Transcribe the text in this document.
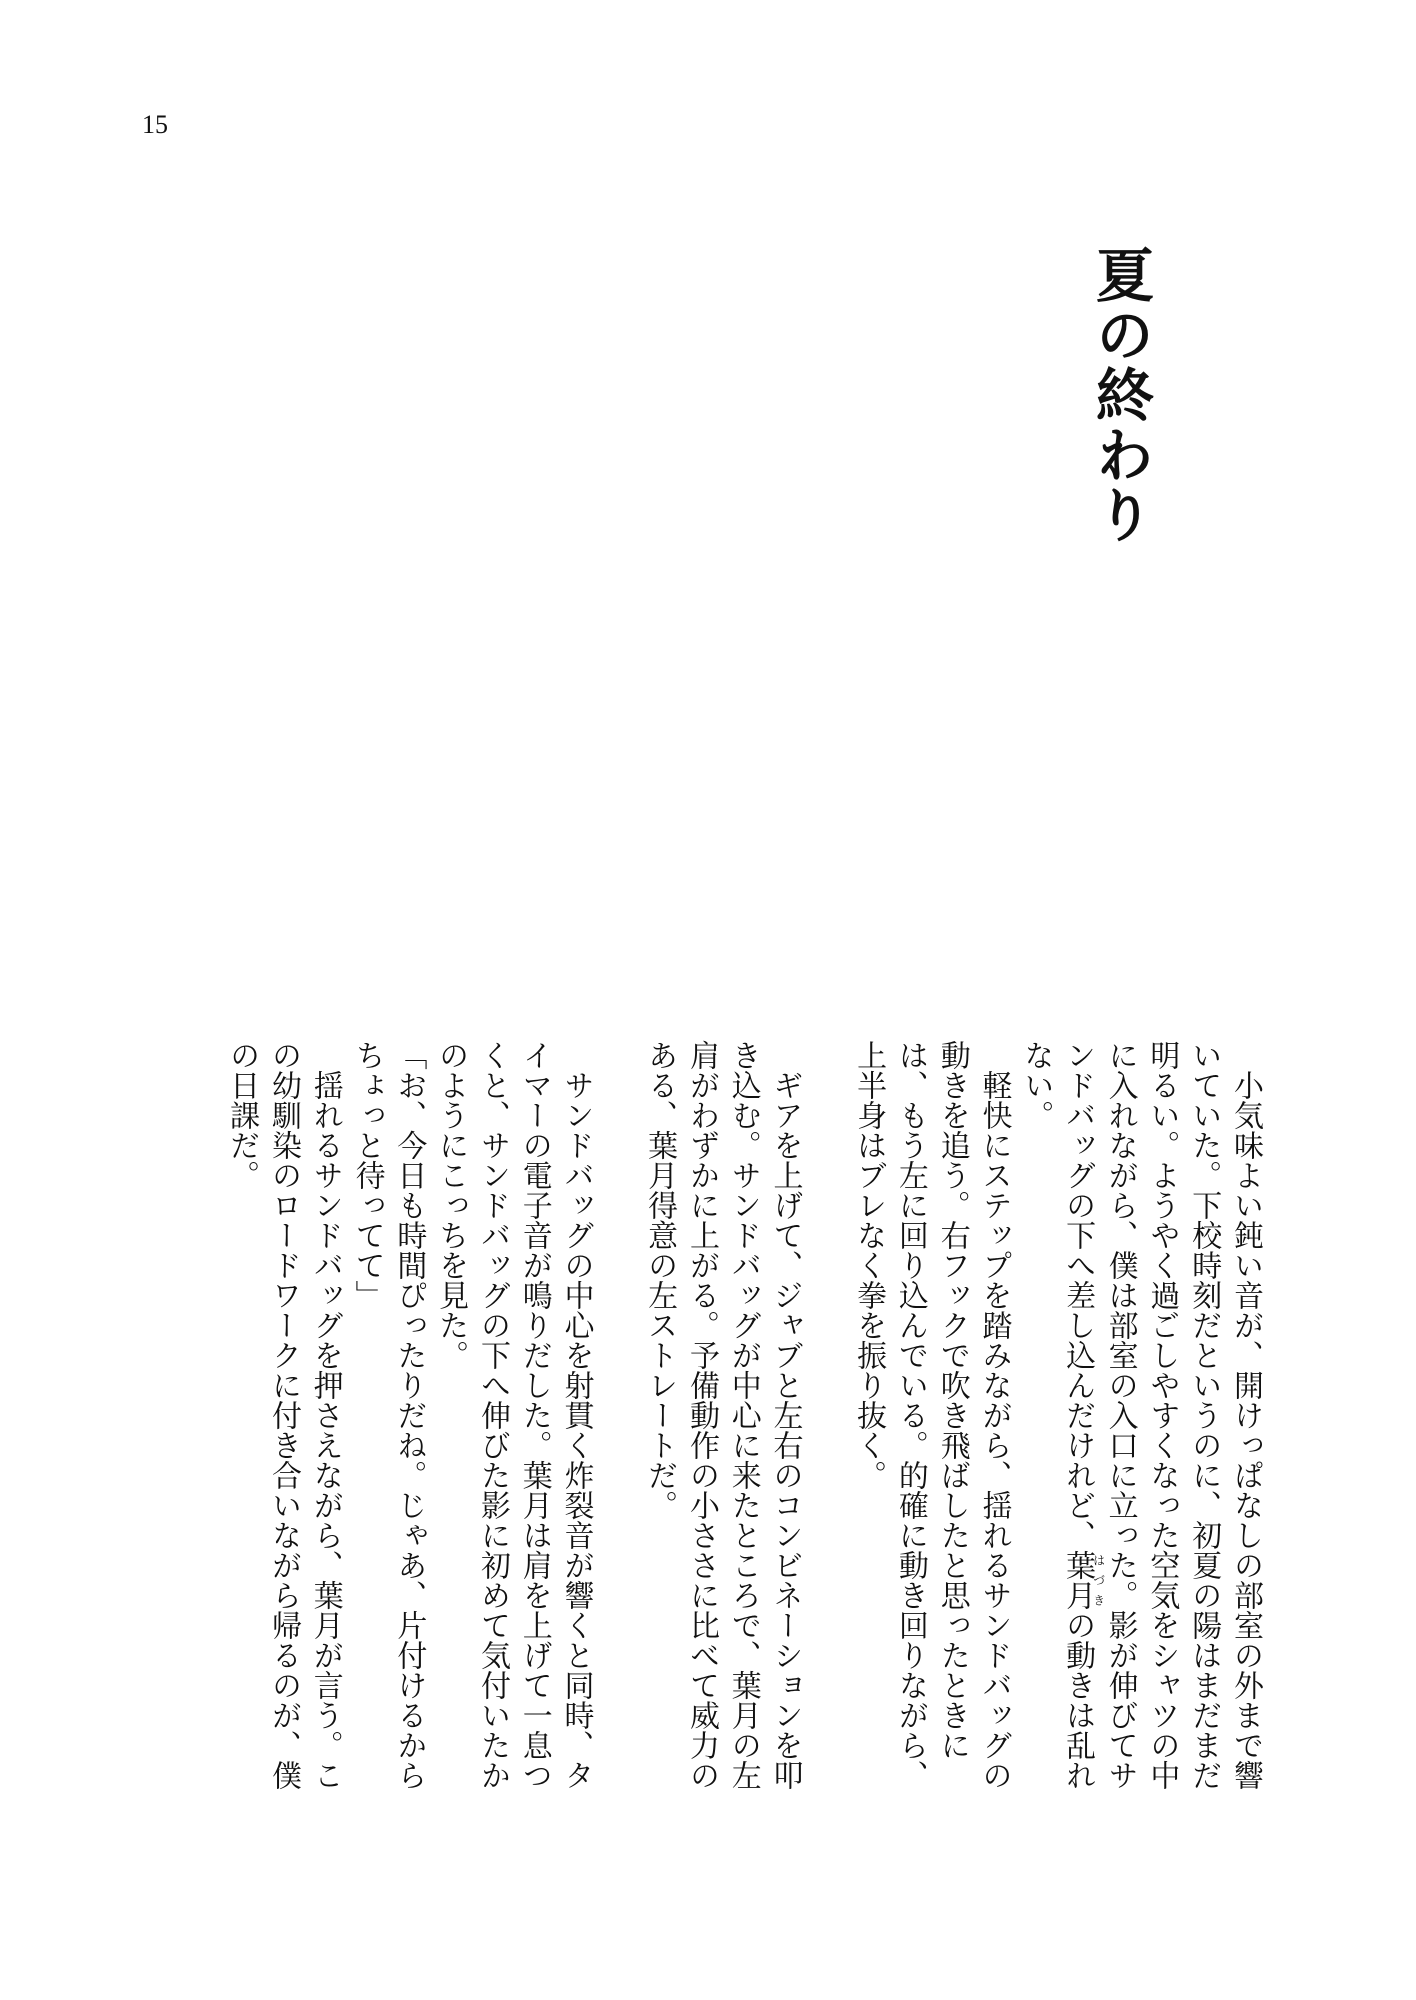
15
夏の終わり

小気味よい鈍い音が、開けっぱなしの部室の外まで響いていた。下校時刻だというのに、初夏の陽はまだまだ明るい。ようやく過ごしやすくなった空気をシャツの中に入れながら、僕は部室の入口に立った。影が伸びてサンドバッグの下へ差し込んだけれど、葉月はづきの動きは乱れない。

軽快にステップを踏みながら、揺れるサンドバッグの動きを追う。右フックで吹き飛ばしたと思ったときには、もう左に回り込んでいる。的確に動き回りながら、上半身はブレなく拳を振り抜く。

ギアを上げて、ジャブと左右のコンビネーションを叩き込む。サンドバッグが中心に来たところで、葉月の左肩がわずかに上がる。予備動作の小ささに比べて威力のある、葉月得意の左ストレートだ。

サンドバッグの中心を射貫く炸裂音が響くと同時、タイマーの電子音が鳴りだした。葉月は肩を上げて一息つくと、サンドバッグの下へ伸びた影に初めて気付いたかのようにこっちを見た。

「お、今日も時間ぴったりだね。じゃあ、片付けるからちょっと待ってて」

揺れるサンドバッグを押さえながら、葉月が言う。この幼馴染のロードワークに付き合いながら帰るのが、僕の日課だ。
